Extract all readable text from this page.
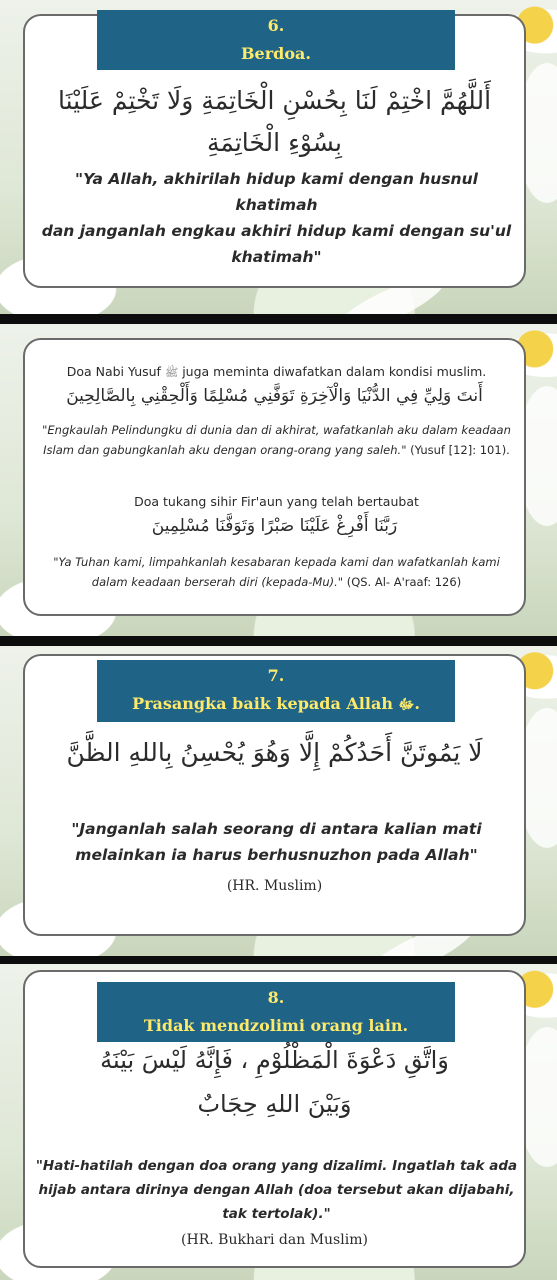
6.
Berdoa.
أَللَّهُمَّ اخْتِمْ لَنَا بِحُسْنِ الْخَاتِمَةِ وَلَا تَخْتِمْ عَلَيْنَا
بِسُوْءِ الْخَاتِمَةِ
"Ya Allah, akhirilah hidup kami dengan husnul khatimah
dan janganlah engkau akhiri hidup kami dengan su'ul
khatimah"
Doa Nabi Yusuf ﷺ juga meminta diwafatkan dalam kondisi muslim.
أَنتَ وَلِيِّ فِي الدُّنْيَا وَالْآخِرَةِ تَوَفَّنِي مُسْلِمًا وَأَلْحِقْنِي بِالصَّالِحِينَ
"Engkaulah Pelindungku di dunia dan di akhirat, wafatkanlah aku dalam keadaan
Islam dan gabungkanlah aku dengan orang-orang yang saleh." (Yusuf [12]: 101).
Doa tukang sihir Fir'aun yang telah bertaubat
رَبَّنَا أَفْرِغْ عَلَيْنَا صَبْرًا وَتَوَفَّنَا مُسْلِمِينَ
"Ya Tuhan kami, limpahkanlah kesabaran kepada kami dan wafatkanlah kami
dalam keadaan berserah diri (kepada-Mu)." (QS. Al- A'raaf: 126)
7.
Prasangka baik kepada Allah ﷻ.
لَا يَمُوتَنَّ أَحَدُكُمْ إِلَّا وَهُوَ يُحْسِنُ بِاللهِ الظَّنَّ
"Janganlah salah seorang di antara kalian mati
melainkan ia harus berhusnuzhon pada Allah"
(HR. Muslim)
8.
Tidak mendzolimi orang lain.
وَاتَّقِ دَعْوَةَ الْمَظْلُوْمِ ، فَإِنَّهُ لَيْسَ بَيْنَهُ
وَبَيْنَ اللهِ حِجَابٌ
"Hati-hatilah dengan doa orang yang dizalimi. Ingatlah tak ada
hijab antara dirinya dengan Allah (doa tersebut akan dijabahi,
tak tertolak)."
(HR. Bukhari dan Muslim)
